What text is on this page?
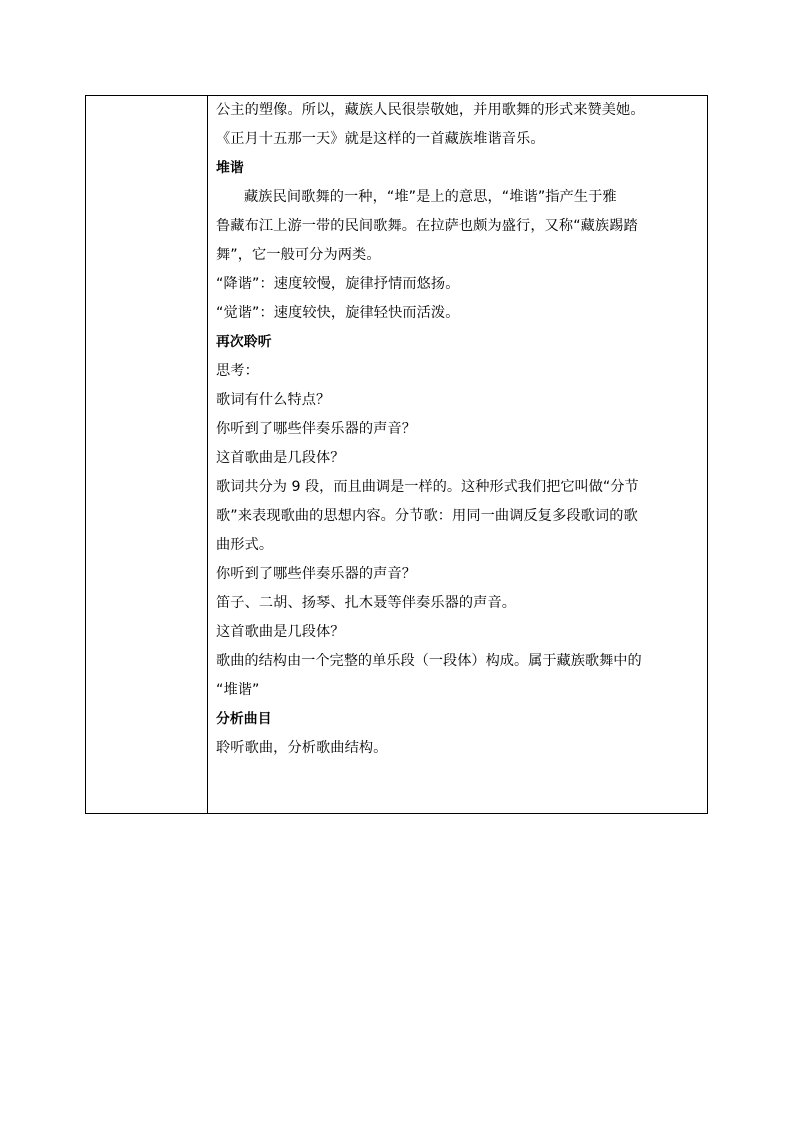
公主的塑像。所以，藏族人民很崇敬她，并用歌舞的形式来赞美她。
《正月十五那一天》就是这样的一首藏族堆谐音乐。
堆谐
藏族民间歌舞的一种，“堆”是上的意思，“堆谐”指产生于雅
鲁藏布江上游一带的民间歌舞。在拉萨也颇为盛行，又称“藏族踢踏
舞”，它一般可分为两类。
“降谐”：速度较慢，旋律抒情而悠扬。
“觉谐”：速度较快，旋律轻快而活泼。
再次聆听
思考：
歌词有什么特点？
你听到了哪些伴奏乐器的声音？
这首歌曲是几段体？
歌词共分为 9 段，而且曲调是一样的。这种形式我们把它叫做“分节
歌”来表现歌曲的思想内容。分节歌：用同一曲调反复多段歌词的歌
曲形式。
你听到了哪些伴奏乐器的声音？
笛子、二胡、扬琴、扎木聂等伴奏乐器的声音。
这首歌曲是几段体？
歌曲的结构由一个完整的单乐段（一段体）构成。属于藏族歌舞中的
“堆谐”
分析曲目
聆听歌曲，分析歌曲结构。
